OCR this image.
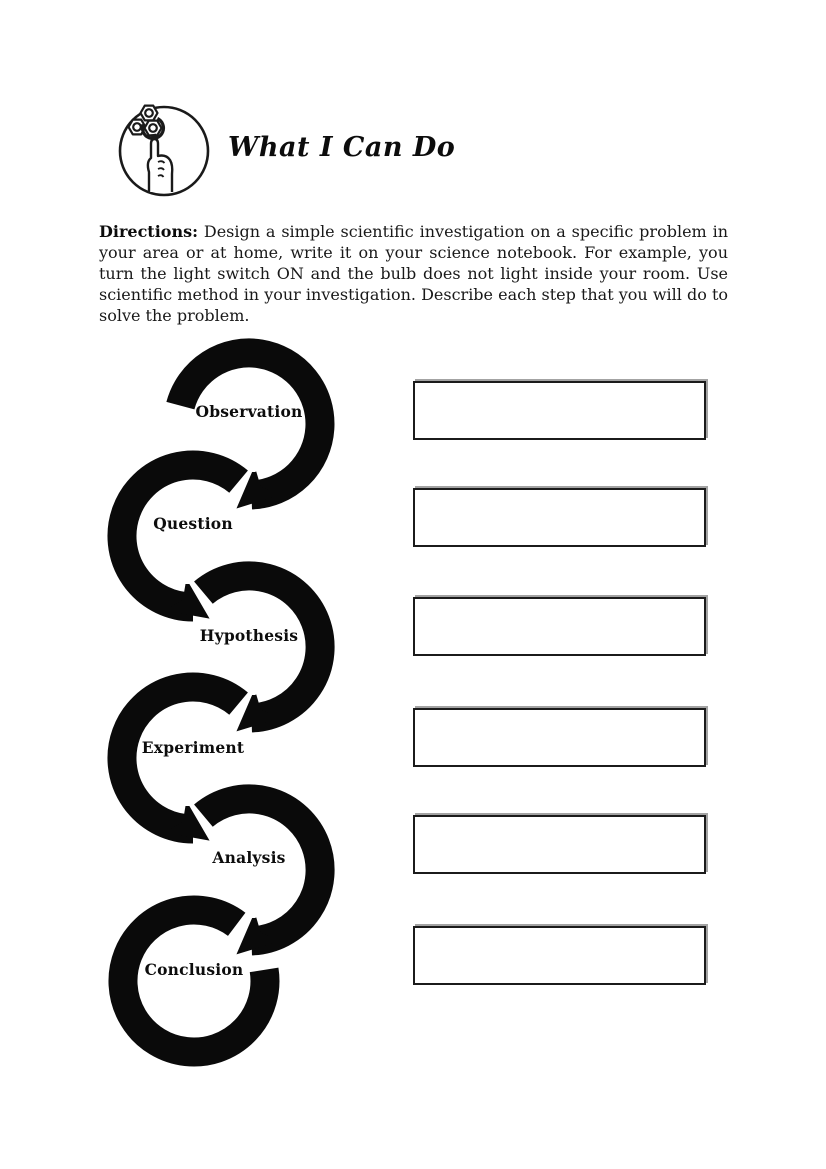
What I Can Do

Directions: Design a simple scientific investigation on a specific problem in your area or at home, write it on your science notebook. For example, you turn the light switch ON and the bulb does not light inside your room. Use scientific method in your investigation. Describe each step that you will do to solve the problem.

Observation
Question
Hypothesis
Experiment
Analysis
Conclusion
